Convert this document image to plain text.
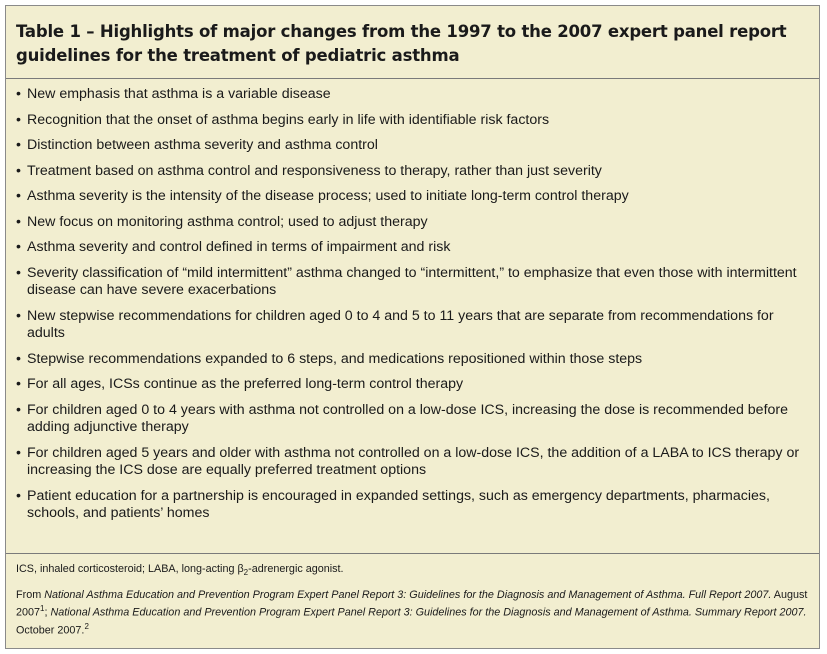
Table 1 – Highlights of major changes from the 1997 to the 2007 expert panel report guidelines for the treatment of pediatric asthma
• New emphasis that asthma is a variable disease
• Recognition that the onset of asthma begins early in life with identifiable risk factors
• Distinction between asthma severity and asthma control
• Treatment based on asthma control and responsiveness to therapy, rather than just severity
• Asthma severity is the intensity of the disease process; used to initiate long-term control therapy
• New focus on monitoring asthma control; used to adjust therapy
• Asthma severity and control defined in terms of impairment and risk
• Severity classification of “mild intermittent” asthma changed to “intermittent,” to emphasize that even those with intermittent disease can have severe exacerbations
• New stepwise recommendations for children aged 0 to 4 and 5 to 11 years that are separate from recommendations for adults
• Stepwise recommendations expanded to 6 steps, and medications repositioned within those steps
• For all ages, ICSs continue as the preferred long-term control therapy
• For children aged 0 to 4 years with asthma not controlled on a low-dose ICS, increasing the dose is recommended before adding adjunctive therapy
• For children aged 5 years and older with asthma not controlled on a low-dose ICS, the addition of a LABA to ICS therapy or increasing the ICS dose are equally preferred treatment options
• Patient education for a partnership is encouraged in expanded settings, such as emergency departments, pharmacies, schools, and patients’ homes

ICS, inhaled corticosteroid; LABA, long-acting $\beta_2$-adrenergic agonist.

From National Asthma Education and Prevention Program Expert Panel Report 3: Guidelines for the Diagnosis and Management of Asthma. Full Report 2007. August 2007$^1$; National Asthma Education and Prevention Program Expert Panel Report 3: Guidelines for the Diagnosis and Management of Asthma. Summary Report 2007. October 2007.$^2$
